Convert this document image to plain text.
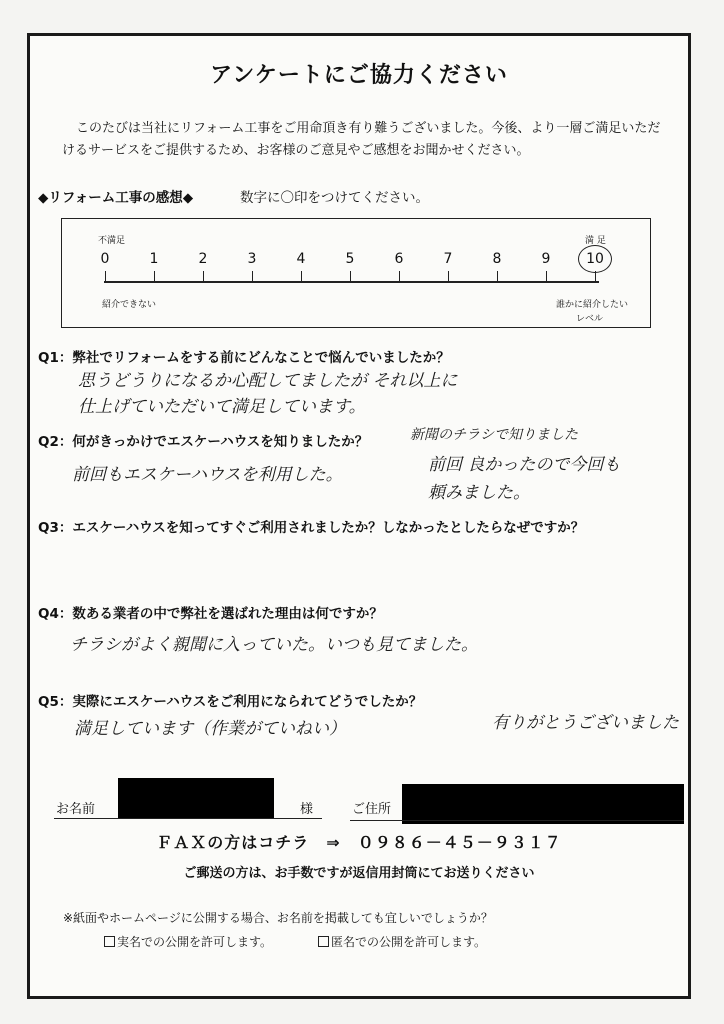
アンケートにご協力ください
このたびは当社にリフォーム工事をご用命頂き有り難うございました。今後、より一層ご満足いただけるサービスをご提供するため、お客様のご意見やご感想をお聞かせください。
◆リフォーム工事の感想◆	数字に〇印をつけてください。
不満足
紹介できない
満 足
誰かに紹介したい
レベル
0	1	2	3	4	5	6	7	8	9	10
Q1：弊社でリフォームをする前にどんなことで悩んでいましたか？
思うどうりになるか心配してましたが それ以上に
仕上げていただいて満足しています。
Q2：何がきっかけでエスケーハウスを知りましたか？	新聞のチラシで知りました
前回もエスケーハウスを利用した。	前回 良かったので今回も
頼みました。
Q3：エスケーハウスを知ってすぐご利用されましたか？しなかったとしたらなぜですか？
Q4：数ある業者の中で弊社を選ばれた理由は何ですか？
チラシがよく親聞に入っていた。いつも見てました。
Q5：実際にエスケーハウスをご利用になられてどうでしたか？
満足しています（作業がていねい）	有りがとうございました
お名前	様	ご住所
ＦＡＸの方はコチラ　⇒　０９８６－４５－９３１７
ご郵送の方は、お手数ですが返信用封筒にてお送りください
※紙面やホームページに公開する場合、お名前を掲載しても宜しいでしょうか？
実名での公開を許可します。	匿名での公開を許可します。
